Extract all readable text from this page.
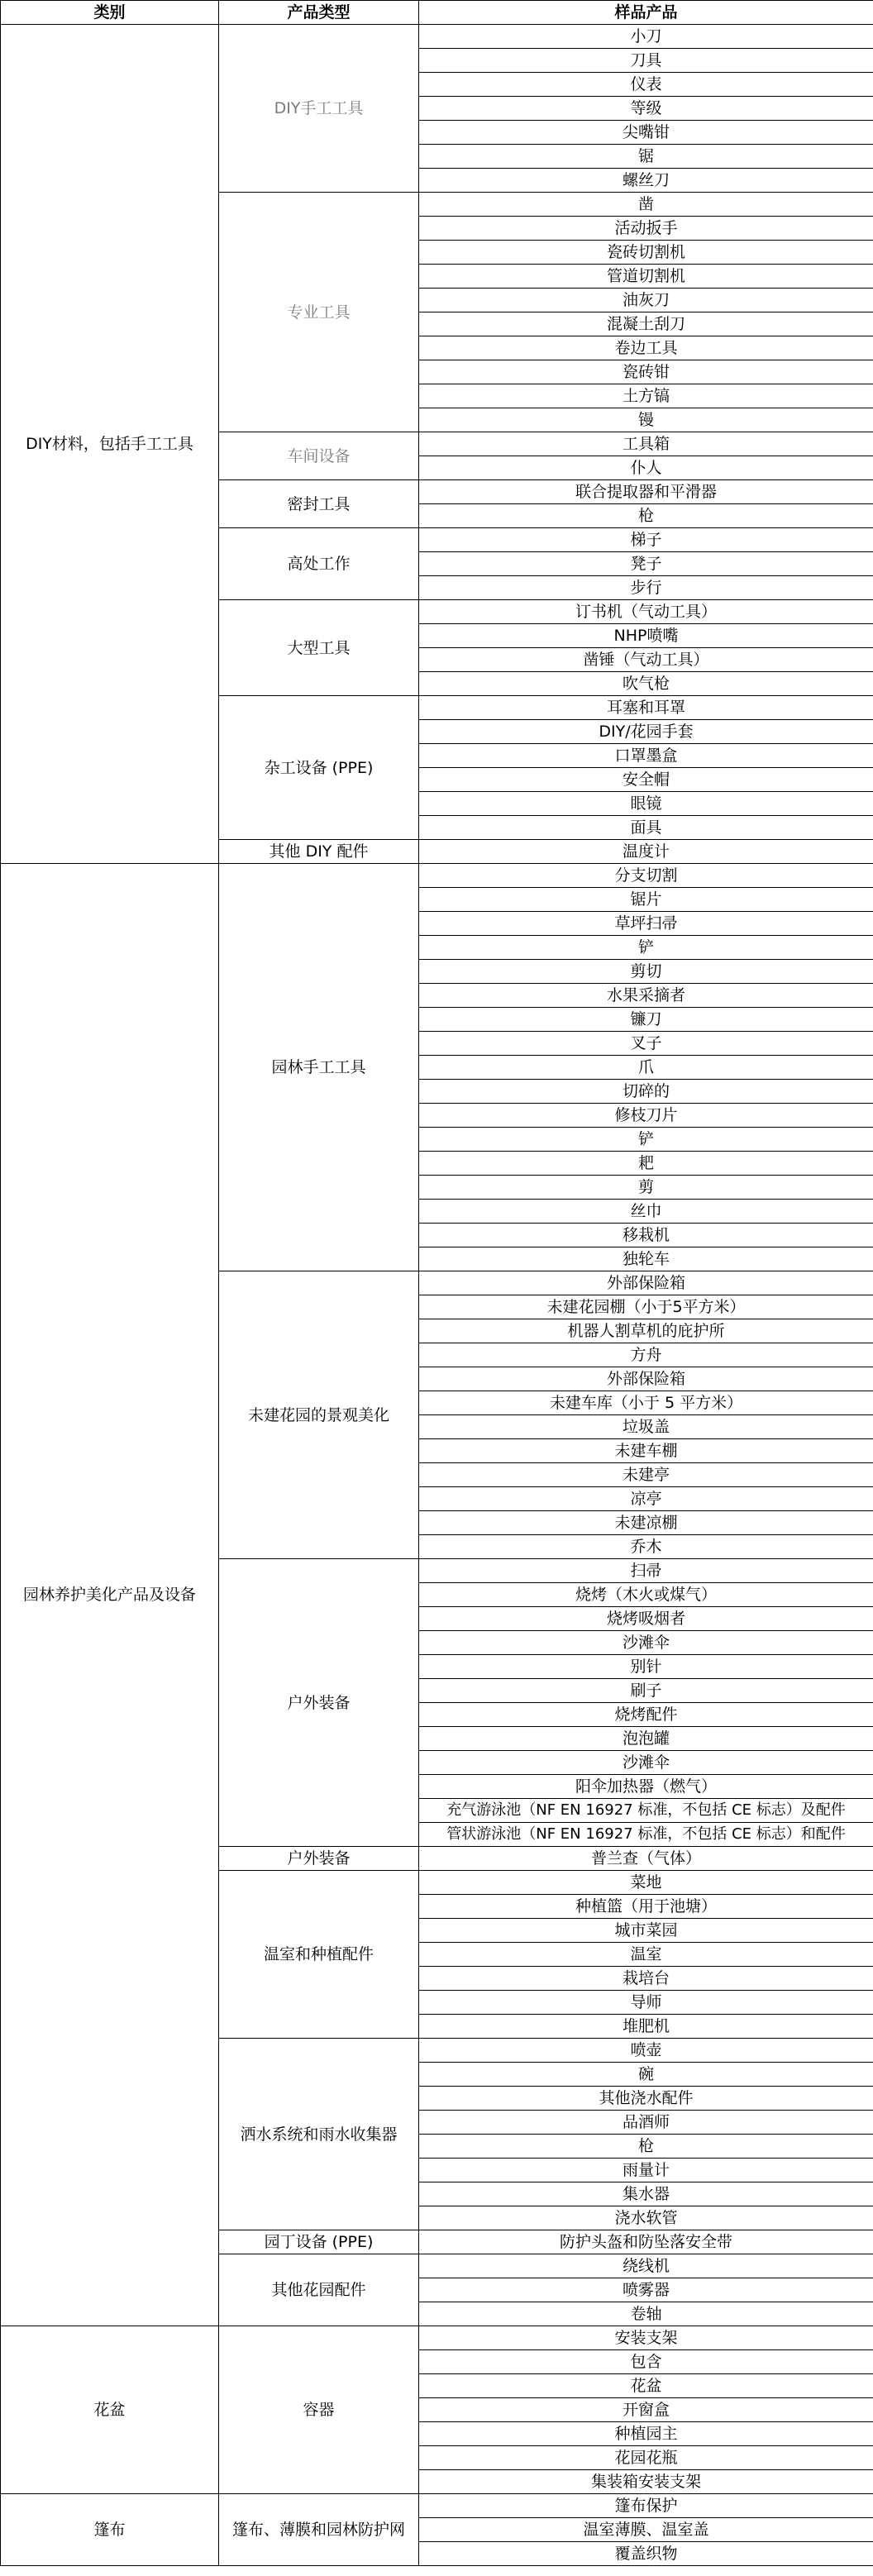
类别	产品类型	样品产品
DIY材料，包括手工工具	DIY手工工具	小刀
		刀具
		仪表
		等级
		尖嘴钳
		锯
		螺丝刀
	专业工具	凿
		活动扳手
		瓷砖切割机
		管道切割机
		油灰刀
		混凝土刮刀
		卷边工具
		瓷砖钳
		土方镐
		镘
	车间设备	工具箱
		仆人
	密封工具	联合提取器和平滑器
		枪
	高处工作	梯子
		凳子
		步行
	大型工具	订书机（气动工具）
		NHP喷嘴
		凿锤（气动工具）
		吹气枪
	杂工设备 (PPE)	耳塞和耳罩
		DIY/花园手套
		口罩墨盒
		安全帽
		眼镜
		面具
	其他 DIY 配件	温度计
园林养护美化产品及设备	园林手工工具	分支切割
		锯片
		草坪扫帚
		铲
		剪切
		水果采摘者
		镰刀
		叉子
		爪
		切碎的
		修枝刀片
		铲
		耙
		剪
		丝巾
		移栽机
		独轮车
	未建花园的景观美化	外部保险箱
		未建花园棚（小于5平方米）
		机器人割草机的庇护所
		方舟
		外部保险箱
		未建车库（小于 5 平方米）
		垃圾盖
		未建车棚
		未建亭
		凉亭
		未建凉棚
		乔木
	户外装备	扫帚
		烧烤（木火或煤气）
		烧烤吸烟者
		沙滩伞
		别针
		刷子
		烧烤配件
		泡泡罐
		沙滩伞
		阳伞加热器（燃气）
		充气游泳池（NF EN 16927 标准，不包括 CE 标志）及配件
		管状游泳池（NF EN 16927 标准，不包括 CE 标志）和配件
	户外装备	普兰查（气体）
	温室和种植配件	菜地
		种植篮（用于池塘）
		城市菜园
		温室
		栽培台
		导师
		堆肥机
	洒水系统和雨水收集器	喷壶
		碗
		其他浇水配件
		品酒师
		枪
		雨量计
		集水器
		浇水软管
	园丁设备 (PPE)	防护头盔和防坠落安全带
	其他花园配件	绕线机
		喷雾器
		卷轴
花盆	容器	安装支架
		包含
		花盆
		开窗盒
		种植园主
		花园花瓶
		集装箱安装支架
篷布	篷布、薄膜和园林防护网	篷布保护
		温室薄膜、温室盖
		覆盖织物
